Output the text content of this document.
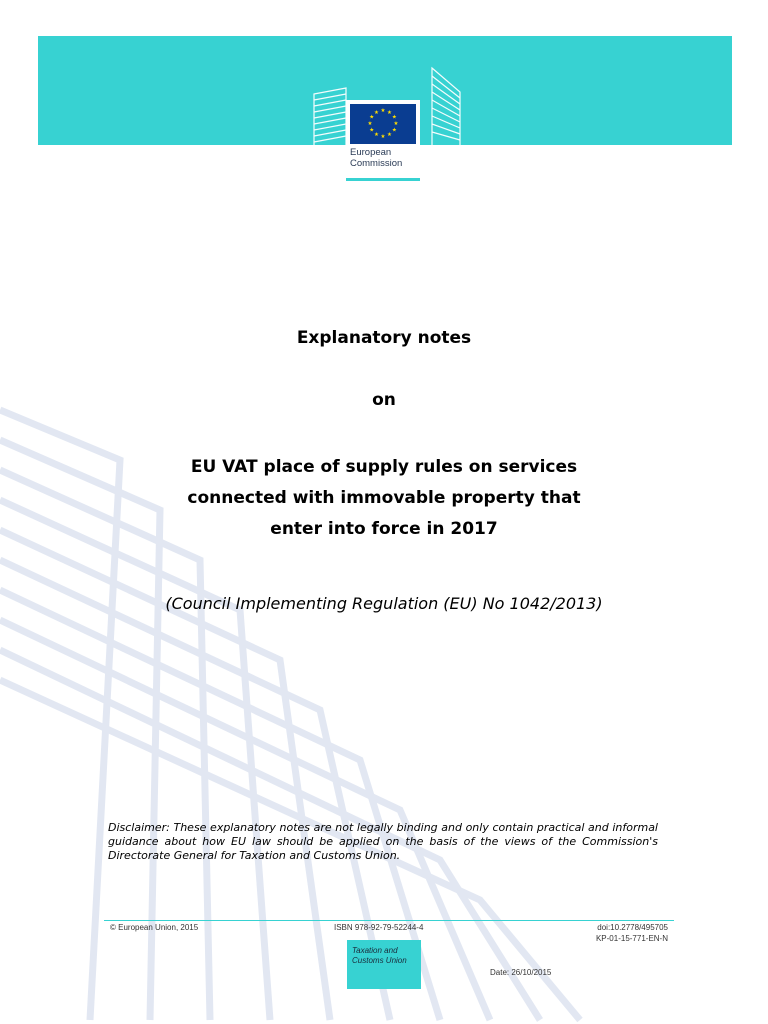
★ ★
★
★
★
★
★
★
★
★
★
★
European
Commission
Explanatory notes
on
EU VAT place of supply rules on services
connected with immovable property that
enter into force in 2017
(Council Implementing Regulation (EU) No 1042/2013)
Disclaimer: These explanatory notes are not legally binding and only contain practical and informal guidance about how EU law should be applied on the basis of the views of the Commission's Directorate General for Taxation and Customs Union.
© European Union, 2015	ISBN 978-92-79-52244-4	doi:10.2778/495705
KP-01-15-771-EN-N
Taxation and
Customs Union
Date: 26/10/2015
